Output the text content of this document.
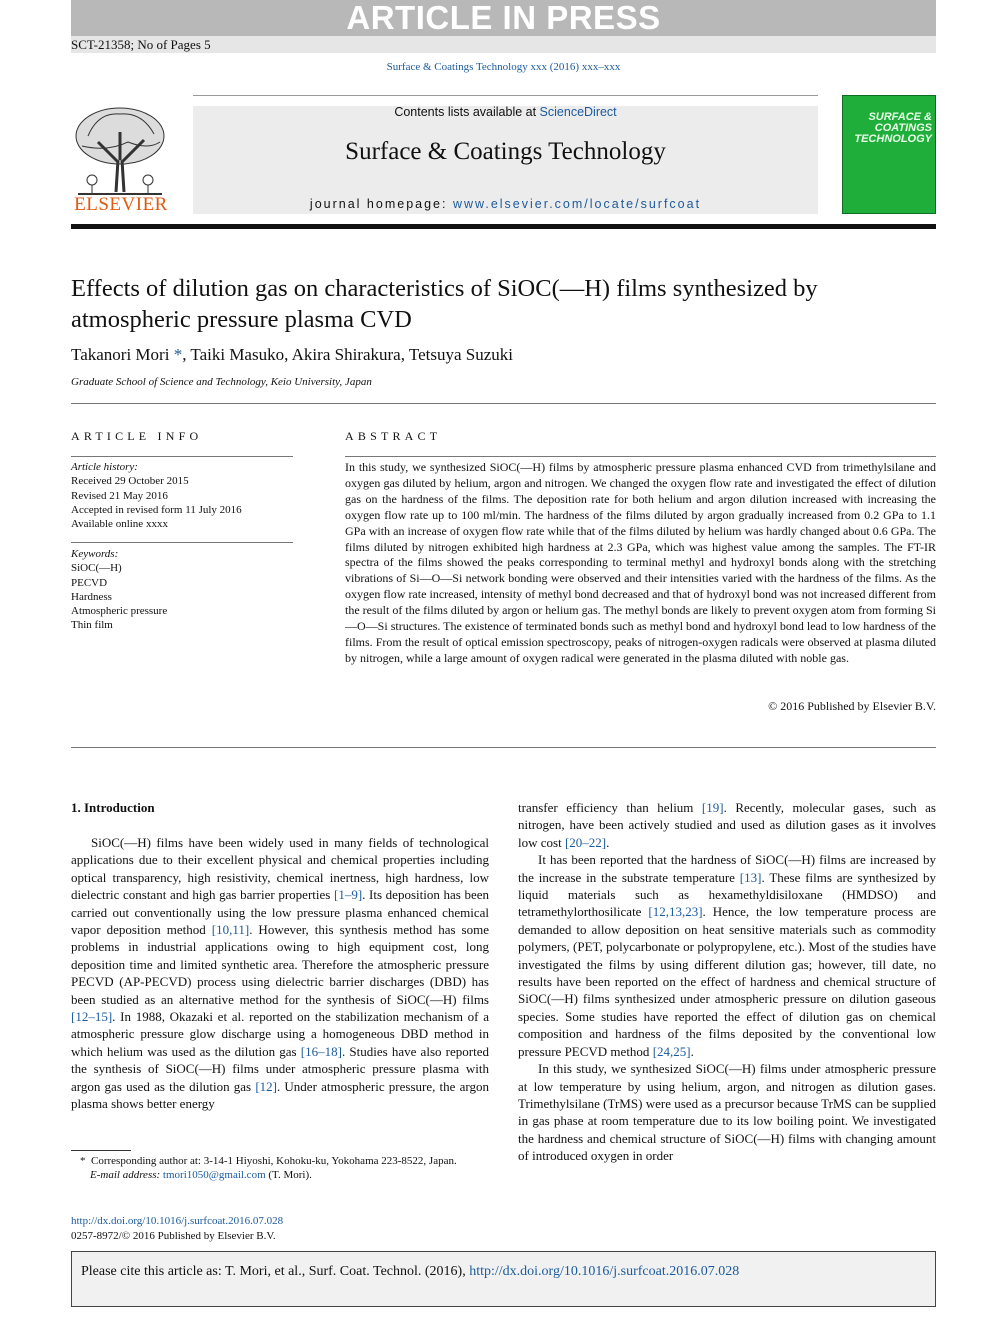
ARTICLE IN PRESS
SCT-21358; No of Pages 5
Surface & Coatings Technology xxx (2016) xxx–xxx
ELSEVIER
Contents lists available at ScienceDirect
Surface & Coatings Technology
journal homepage: www.elsevier.com/locate/surfcoat
SURFACE & COATINGS TECHNOLOGY
Effects of dilution gas on characteristics of SiOC(—H) films synthesized by atmospheric pressure plasma CVD
Takanori Mori *, Taiki Masuko, Akira Shirakura, Tetsuya Suzuki
Graduate School of Science and Technology, Keio University, Japan
ARTICLE INFO
Article history:
Received 29 October 2015
Revised 21 May 2016
Accepted in revised form 11 July 2016
Available online xxxx
Keywords:
SiOC(—H)
PECVD
Hardness
Atmospheric pressure
Thin film
ABSTRACT
In this study, we synthesized SiOC(—H) films by atmospheric pressure plasma enhanced CVD from trimethylsilane and oxygen gas diluted by helium, argon and nitrogen. We changed the oxygen flow rate and investigated the effect of dilution gas on the hardness of the films. The deposition rate for both helium and argon dilution increased with increasing the oxygen flow rate up to 100 ml/min. The hardness of the films diluted by argon gradually increased from 0.2 GPa to 1.1 GPa with an increase of oxygen flow rate while that of the films diluted by helium was hardly changed about 0.6 GPa. The films diluted by nitrogen exhibited high hardness at 2.3 GPa, which was highest value among the samples. The FT-IR spectra of the films showed the peaks corresponding to terminal methyl and hydroxyl bonds along with the stretching vibrations of Si—O—Si network bonding were observed and their intensities varied with the hardness of the films. As the oxygen flow rate increased, intensity of methyl bond decreased and that of hydroxyl bond was not increased different from the result of the films diluted by argon or helium gas. The methyl bonds are likely to prevent oxygen atom from forming Si—O—Si structures. The existence of terminated bonds such as methyl bond and hydroxyl bond lead to low hardness of the films. From the result of optical emission spectroscopy, peaks of nitrogen-oxygen radicals were observed at plasma diluted by nitrogen, while a large amount of oxygen radical were generated in the plasma diluted with noble gas.
© 2016 Published by Elsevier B.V.
1. Introduction

SiOC(—H) films have been widely used in many fields of technological applications due to their excellent physical and chemical properties including optical transparency, high resistivity, chemical inertness, high hardness, low dielectric constant and high gas barrier properties [1–9]. Its deposition has been carried out conventionally using the low pressure plasma enhanced chemical vapor deposition method [10,11]. However, this synthesis method has some problems in industrial applications owing to high equipment cost, long deposition time and limited synthetic area. Therefore the atmospheric pressure PECVD (AP-PECVD) process using dielectric barrier discharges (DBD) has been studied as an alternative method for the synthesis of SiOC(—H) films [12–15]. In 1988, Okazaki et al. reported on the stabilization mechanism of a atmospheric pressure glow discharge using a homogeneous DBD method in which helium was used as the dilution gas [16–18]. Studies have also reported the synthesis of SiOC(—H) films under atmospheric pressure plasma with argon gas used as the dilution gas [12]. Under atmospheric pressure, the argon plasma shows better energy

transfer efficiency than helium [19]. Recently, molecular gases, such as nitrogen, have been actively studied and used as dilution gases as it involves low cost [20–22].

It has been reported that the hardness of SiOC(—H) films are increased by the increase in the substrate temperature [13]. These films are synthesized by liquid materials such as hexamethyldisiloxane (HMDSO) and tetramethylorthosilicate [12,13,23]. Hence, the low temperature process are demanded to allow deposition on heat sensitive materials such as commodity polymers, (PET, polycarbonate or polypropylene, etc.). Most of the studies have investigated the films by using different dilution gas; however, till date, no results have been reported on the effect of hardness and chemical structure of SiOC(—H) films synthesized under atmospheric pressure on dilution gaseous species. Some studies have reported the effect of dilution gas on chemical composition and hardness of the films deposited by the conventional low pressure PECVD method [24,25].

In this study, we synthesized SiOC(—H) films under atmospheric pressure at low temperature by using helium, argon, and nitrogen as dilution gases. Trimethylsilane (TrMS) were used as a precursor because TrMS can be supplied in gas phase at room temperature due to its low boiling point. We investigated the hardness and chemical structure of SiOC(—H) films with changing amount of introduced oxygen in order

* Corresponding author at: 3-14-1 Hiyoshi, Kohoku-ku, Yokohama 223-8522, Japan.
E-mail address: tmori1050@gmail.com (T. Mori).
http://dx.doi.org/10.1016/j.surfcoat.2016.07.028
0257-8972/© 2016 Published by Elsevier B.V.
Please cite this article as: T. Mori, et al., Surf. Coat. Technol. (2016), http://dx.doi.org/10.1016/j.surfcoat.2016.07.028
